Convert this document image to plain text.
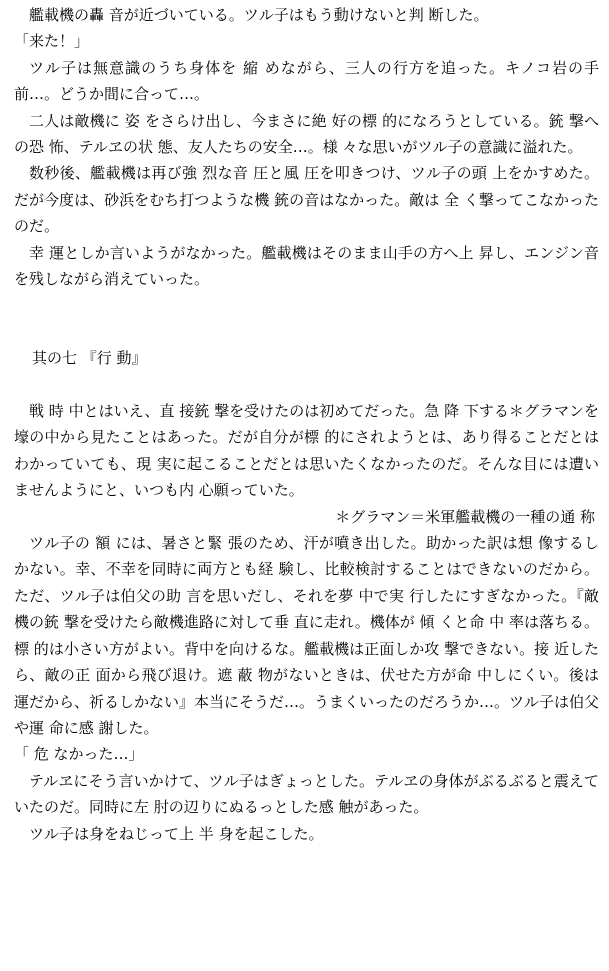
艦載機の轟 音が近づいている。ツル子はもう動けないと判 断した。

「来た！」

ツル子は無意識のうち身体を 縮 めながら、三人の行方を追った。キノコ岩の手前…。どうか間に合って…。

二人は敵機に 姿 をさらけ出し、今まさに絶 好の標 的になろうとしている。銃 撃への恐 怖、テルヱの状 態、友人たちの安全…。様 々な思いがツル子の意識に溢れた。

数秒後、艦載機は再び強 烈な音 圧と風 圧を叩きつけ、ツル子の頭 上をかすめた。だが今度は、砂浜をむち打つような機 銃の音はなかった。敵は 全 く撃ってこなかったのだ。

幸 運としか言いようがなかった。艦載機はそのまま山手の方へ上 昇し、エンジン音を残しながら消えていった。

其の七 『行 動』

戦 時 中とはいえ、直 接銃 撃を受けたのは初めてだった。急 降 下する＊グラマンを壕の中から見たことはあった。だが自分が標 的にされようとは、あり得ることだとはわかっていても、現 実に起こることだとは思いたくなかったのだ。そんな目には遭いませんようにと、いつも内 心願っていた。

＊グラマン＝米軍艦載機の一種の通 称

ツル子の 額 には、暑さと緊 張のため、汗が噴き出した。助かった訳は想 像するしかない。幸、不幸を同時に両方とも経 験し、比較検討することはできないのだから。ただ、ツル子は伯父の助 言を思いだし、それを夢 中で実 行したにすぎなかった。『敵機の銃 撃を受けたら敵機進路に対して垂 直に走れ。機体が 傾 くと命 中 率は落ちる。標 的は小さい方がよい。背中を向けるな。艦載機は正面しか攻 撃できない。接 近したら、敵の正 面から飛び退け。遮 蔽 物がないときは、伏せた方が命 中しにくい。後は運だから、祈るしかない』本当にそうだ…。うまくいったのだろうか…。ツル子は伯父や運 命に感 謝した。

「 危 なかった…」

テルヱにそう言いかけて、ツル子はぎょっとした。テルヱの身体がぶるぶると震えていたのだ。同時に左 肘の辺りにぬるっとした感 触があった。

ツル子は身をねじって上 半 身を起こした。
